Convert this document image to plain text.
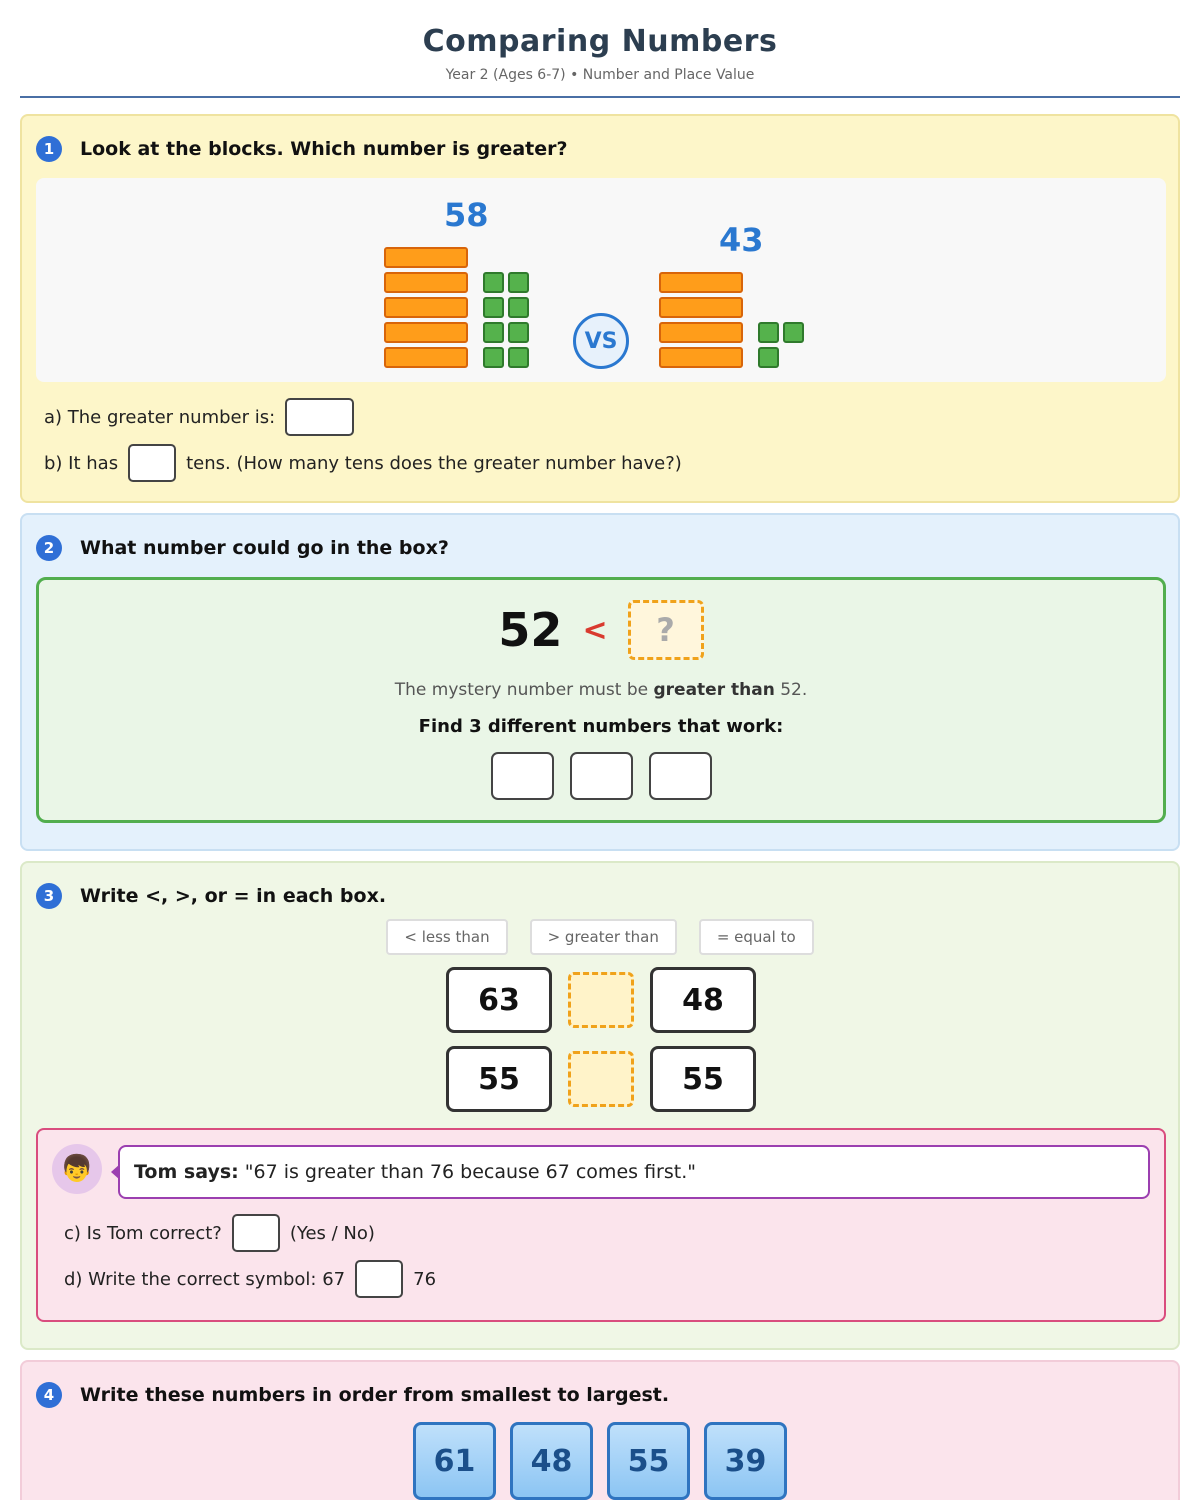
Comparing Numbers
Year 2 (Ages 6-7) • Number and Place Value
1	Look at the blocks. Which number is greater?
58
VS
43
a) The greater number is:
b) It has	tens. (How many tens does the greater number have?)
2	What number could go in the box?
52 <	?
The mystery number must be greater than 52.
Find 3 different numbers that work:
3	Write <, >, or = in each box.
< less than	> greater than	= equal to
63	48
55	55
👦 Tom says: "67 is greater than 76 because 67 comes first."
c) Is Tom correct?	(Yes / No)
d) Write the correct symbol: 67	76
4	Write these numbers in order from smallest to largest.
61	48	55	39
